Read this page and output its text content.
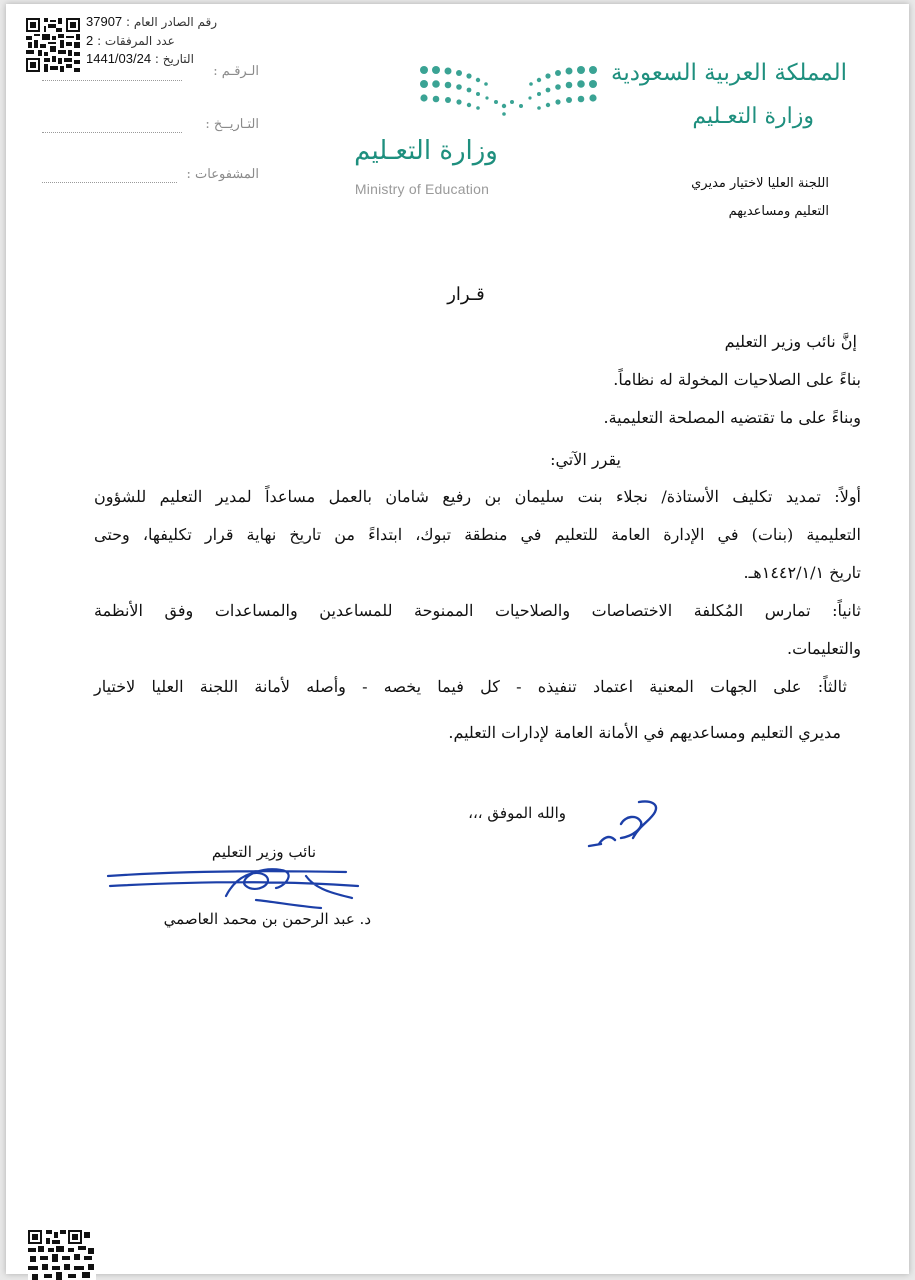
رقم الصادر العام : 37907
عدد المرفقات : 2
التاريخ : 1441/03/24
الـرقـم :
التـاريــخ :
المشفوعات :
وزارة التعـليم
Ministry of Education
المملكة العربية السعودية
وزارة التعـليم
اللجنة العليا لاختيار مديري
التعليم ومساعديهم
قـرار
إنَّ نائب وزير التعليم
بناءً على الصلاحيات المخولة له نظاماً.
وبناءً على ما تقتضيه المصلحة التعليمية.
يقرر الآتي:
أولاً: تمديد تكليف الأستاذة/ نجلاء بنت سليمان بن رفيع شامان بالعمل مساعداً لمدير التعليم للشؤون
التعليمية (بنات) في الإدارة العامة للتعليم في منطقة تبوك، ابتداءً من تاريخ نهاية قرار تكليفها، وحتى
تاريخ ١٤٤٢/١/١هـ.
ثانياً: تمارس المُكلفة الاختصاصات والصلاحيات الممنوحة للمساعدين والمساعدات وفق الأنظمة
والتعليمات.
ثالثاً: على الجهات المعنية اعتماد تنفيذه - كل فيما يخصه - وأصله لأمانة اللجنة العليا لاختيار
مديري التعليم ومساعديهم في الأمانة العامة لإدارات التعليم.
والله الموفق ،،،
نائب وزير التعليم
د. عبد الرحمن بن محمد العاصمي
